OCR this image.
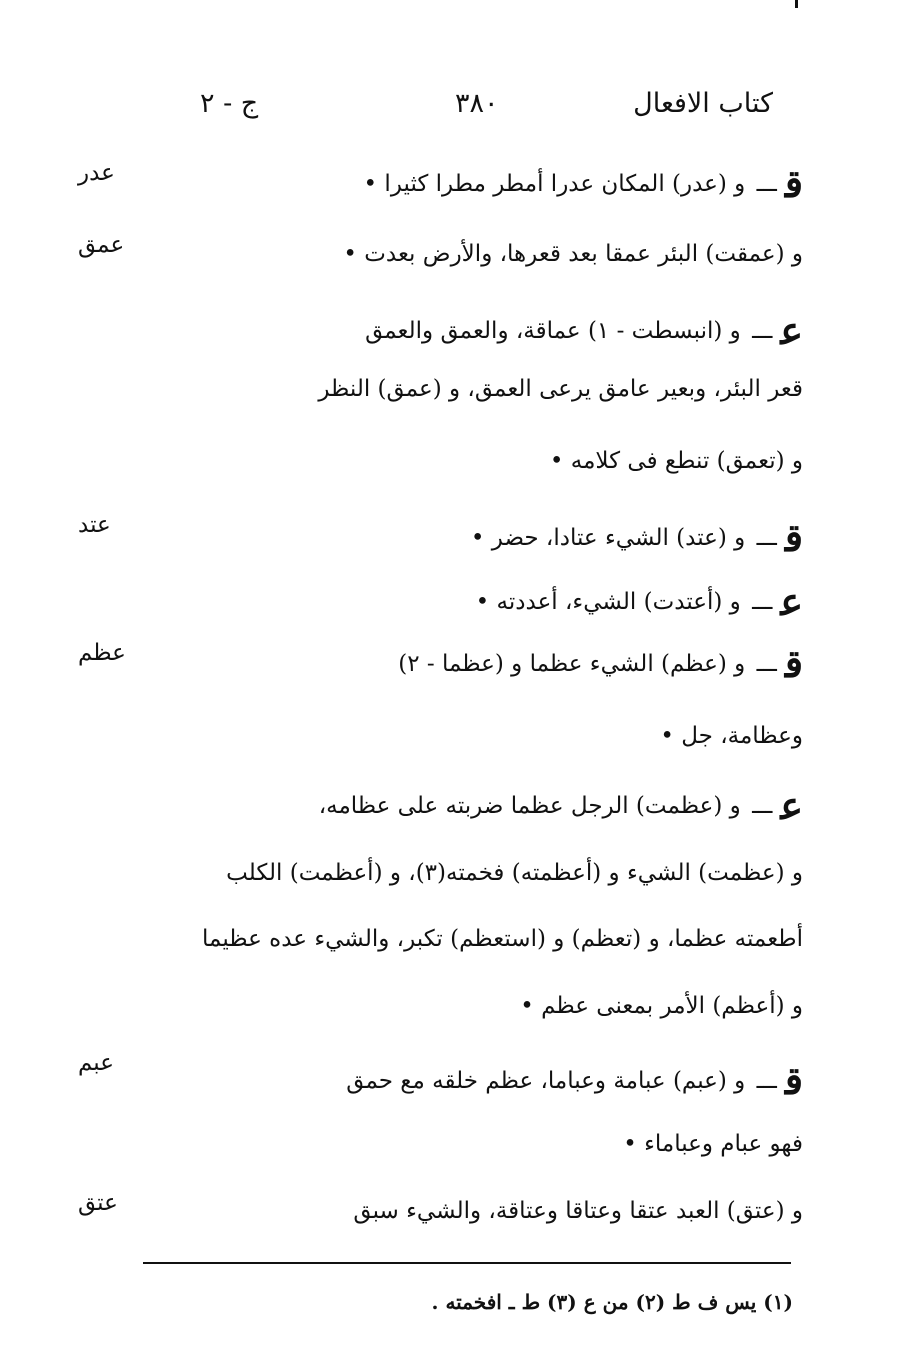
كتاب الافعال
٣٨٠
ج - ٢
عدر
عمق
عتد
عظم
عبم
عتق
قـــ و (عدر) المكان عدرا أمطر مطرا كثيرا •
و (عمقت) البئر عمقا بعد قعرها، والأرض بعدت •
عـــ و (انبسطت - ١) عماقة، والعمق والعمق
قعر البئر، وبعير عامق يرعى العمق، و (عمق) النظر
و (تعمق) تنطع فى كلامه •
قـــ و (عتد) الشيء عتادا، حضر •
عـــ و (أعتدت) الشيء، أعددته •
قـــ و (عظم) الشيء عظما و (عظما - ٢)
وعظامة، جل •
عـــ و (عظمت) الرجل عظما ضربته على عظامه،
و (عظمت) الشيء و (أعظمته) فخمته(٣)، و (أعظمت) الكلب
أطعمته عظما، و (تعظم) و (استعظم) تكبر، والشيء عده عظيما
و (أعظم) الأمر بمعنى عظم •
قـــ و (عبم) عبامة وعباما، عظم خلقه مع حمق
فهو عبام وعباماء •
و (عتق) العبد عتقا وعتاقا وعتاقة، والشيء سبق
(١) يس ف ط (٢) من ع (٣) ط ـ افخمته .
